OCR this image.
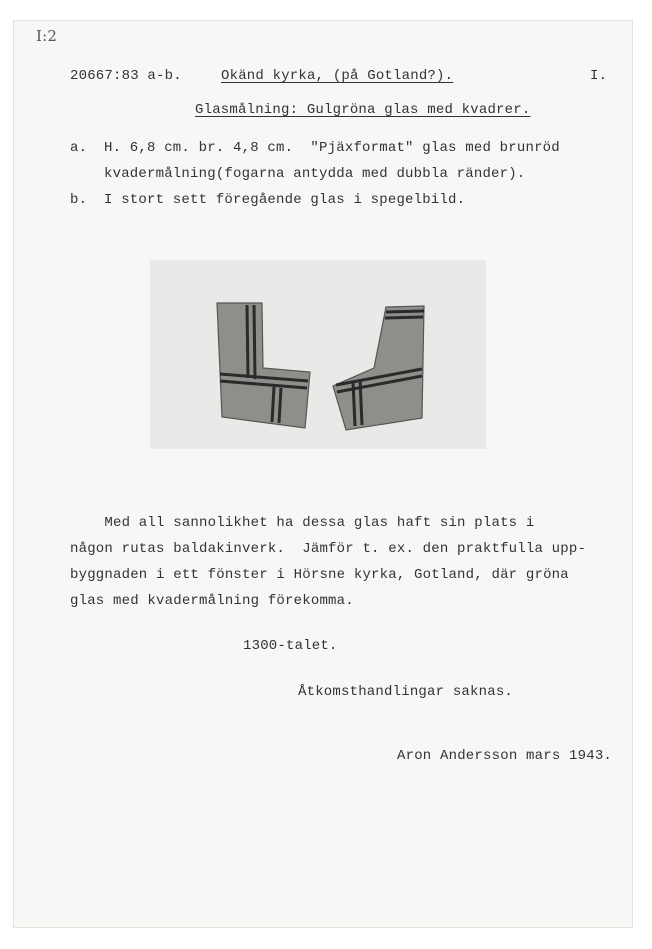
I:2
20667:83 a-b.	Okänd kyrka, (på Gotland?).	I.
Glasmålning: Gulgröna glas med kvadrer.
a. H. 6,8 cm. br. 4,8 cm.  "Pjäxformat" glas med brunröd
kvadermålning(fogarna antydda med dubbla ränder).
b. I stort sett föregående glas i spegelbild.
Med all sannolikhet ha dessa glas haft sin plats i
någon rutas baldakinverk.  Jämför t. ex. den praktfulla upp-
byggnaden i ett fönster i Hörsne kyrka, Gotland, där gröna
glas med kvadermålning förekomma.
1300-talet.
Åtkomsthandlingar saknas.
Aron Andersson mars 1943.
